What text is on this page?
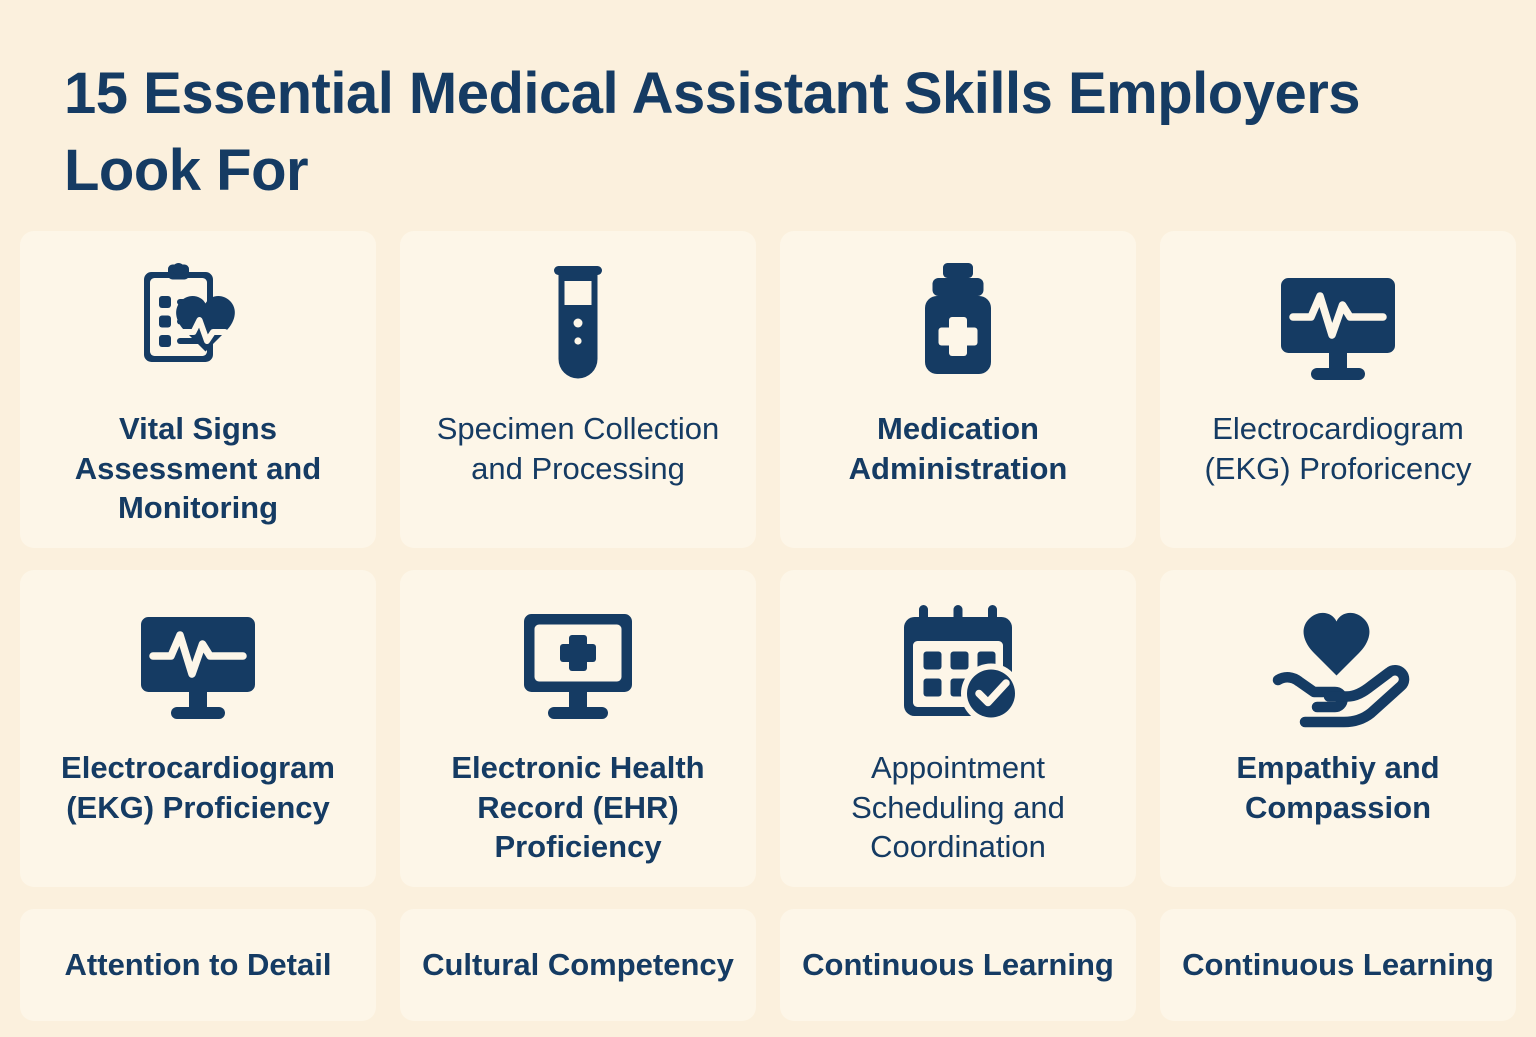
15 Essential Medical Assistant Skills Employers Look For
Vital Signs Assessment and Monitoring
Specimen Collection and Processing
Medication Administration
Electrocardiogram (EKG) Proforicency
Electrocardiogram (EKG) Proficiency
Electronic Health Record (EHR) Proficiency
Appointment Scheduling and Coordination
Empathiy and Compassion
Attention to Detail	Cultural Competency Continuous Learning Continuous Learning
